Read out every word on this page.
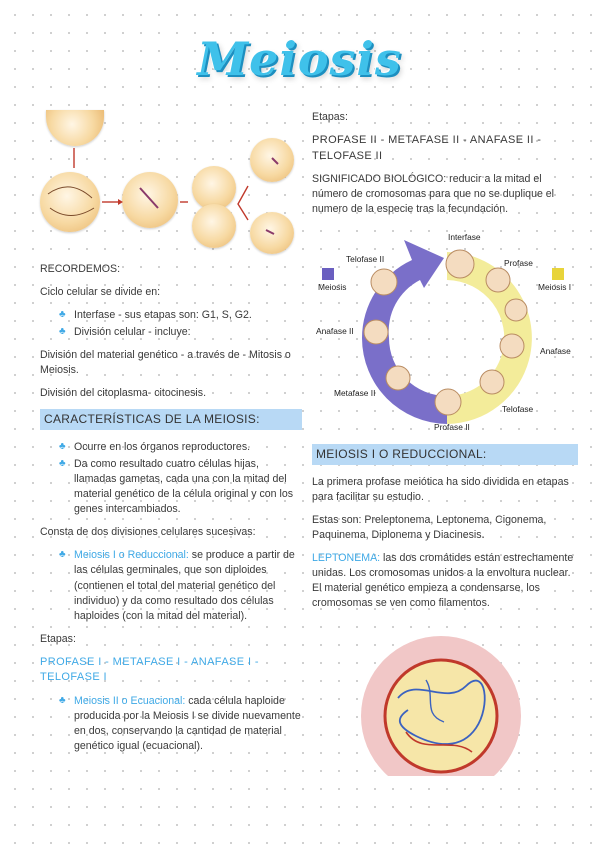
Meiosis
RECORDEMOS:
Ciclo celular se divide en:
♣ Interfase - sus etapas son: G1, S, G2.
♣ División celular - incluye:
División del material genético - a través de - Mitosis o Meiosis.
División del citoplasma- citocinesis.
CARACTERÍSTICAS DE LA MEIOSIS:
♣ Ocurre en los órganos reproductores.
♣ Da como resultado cuatro células hijas, llamadas gametas, cada una con la mitad del material genético de la célula original y con los genes intercambiados.
Consta de dos divisiones celulares sucesivas:
♣ Meiosis I o Reduccional: se produce a partir de las células germinales, que son diploides (contienen el total del material genético del individuo) y da como resultado dos células haploides (con la mitad del material).
Etapas:
PROFASE I - METAFASE I - ANAFASE I - TELOFASE I
♣ Meiosis II o Ecuacional: cada célula haploide producida por la Meiosis I se divide nuevamente en dos, conservando la cantidad de material genético igual (ecuacional).
Etapas:
PROFASE II - METAFASE II - ANAFASE II - TELOFASE II
SIGNIFICADO BIOLÓGICO: reducir a la mitad el número de cromosomas para que no se duplique el numero de la especie tras la fecundación.
Interfase
Profase
Meiosis I
Anafase
Telofase
Profase II
Metafase II
Anafase II
Meiosis
Telofase II
MEIOSIS I O REDUCCIONAL:
La primera profase meiótica ha sido dividida en etapas para facilitar su estudio.
Estas son: Preleptonema, Leptonema, Cigonema, Paquinema, Diplonema y Diacinesis.
LEPTONEMA: las dos cromátides están estrechamente unidas. Los cromosomas unidos a la envoltura nuclear. El material genético empieza a condensarse, los cromosomas se ven como filamentos.
